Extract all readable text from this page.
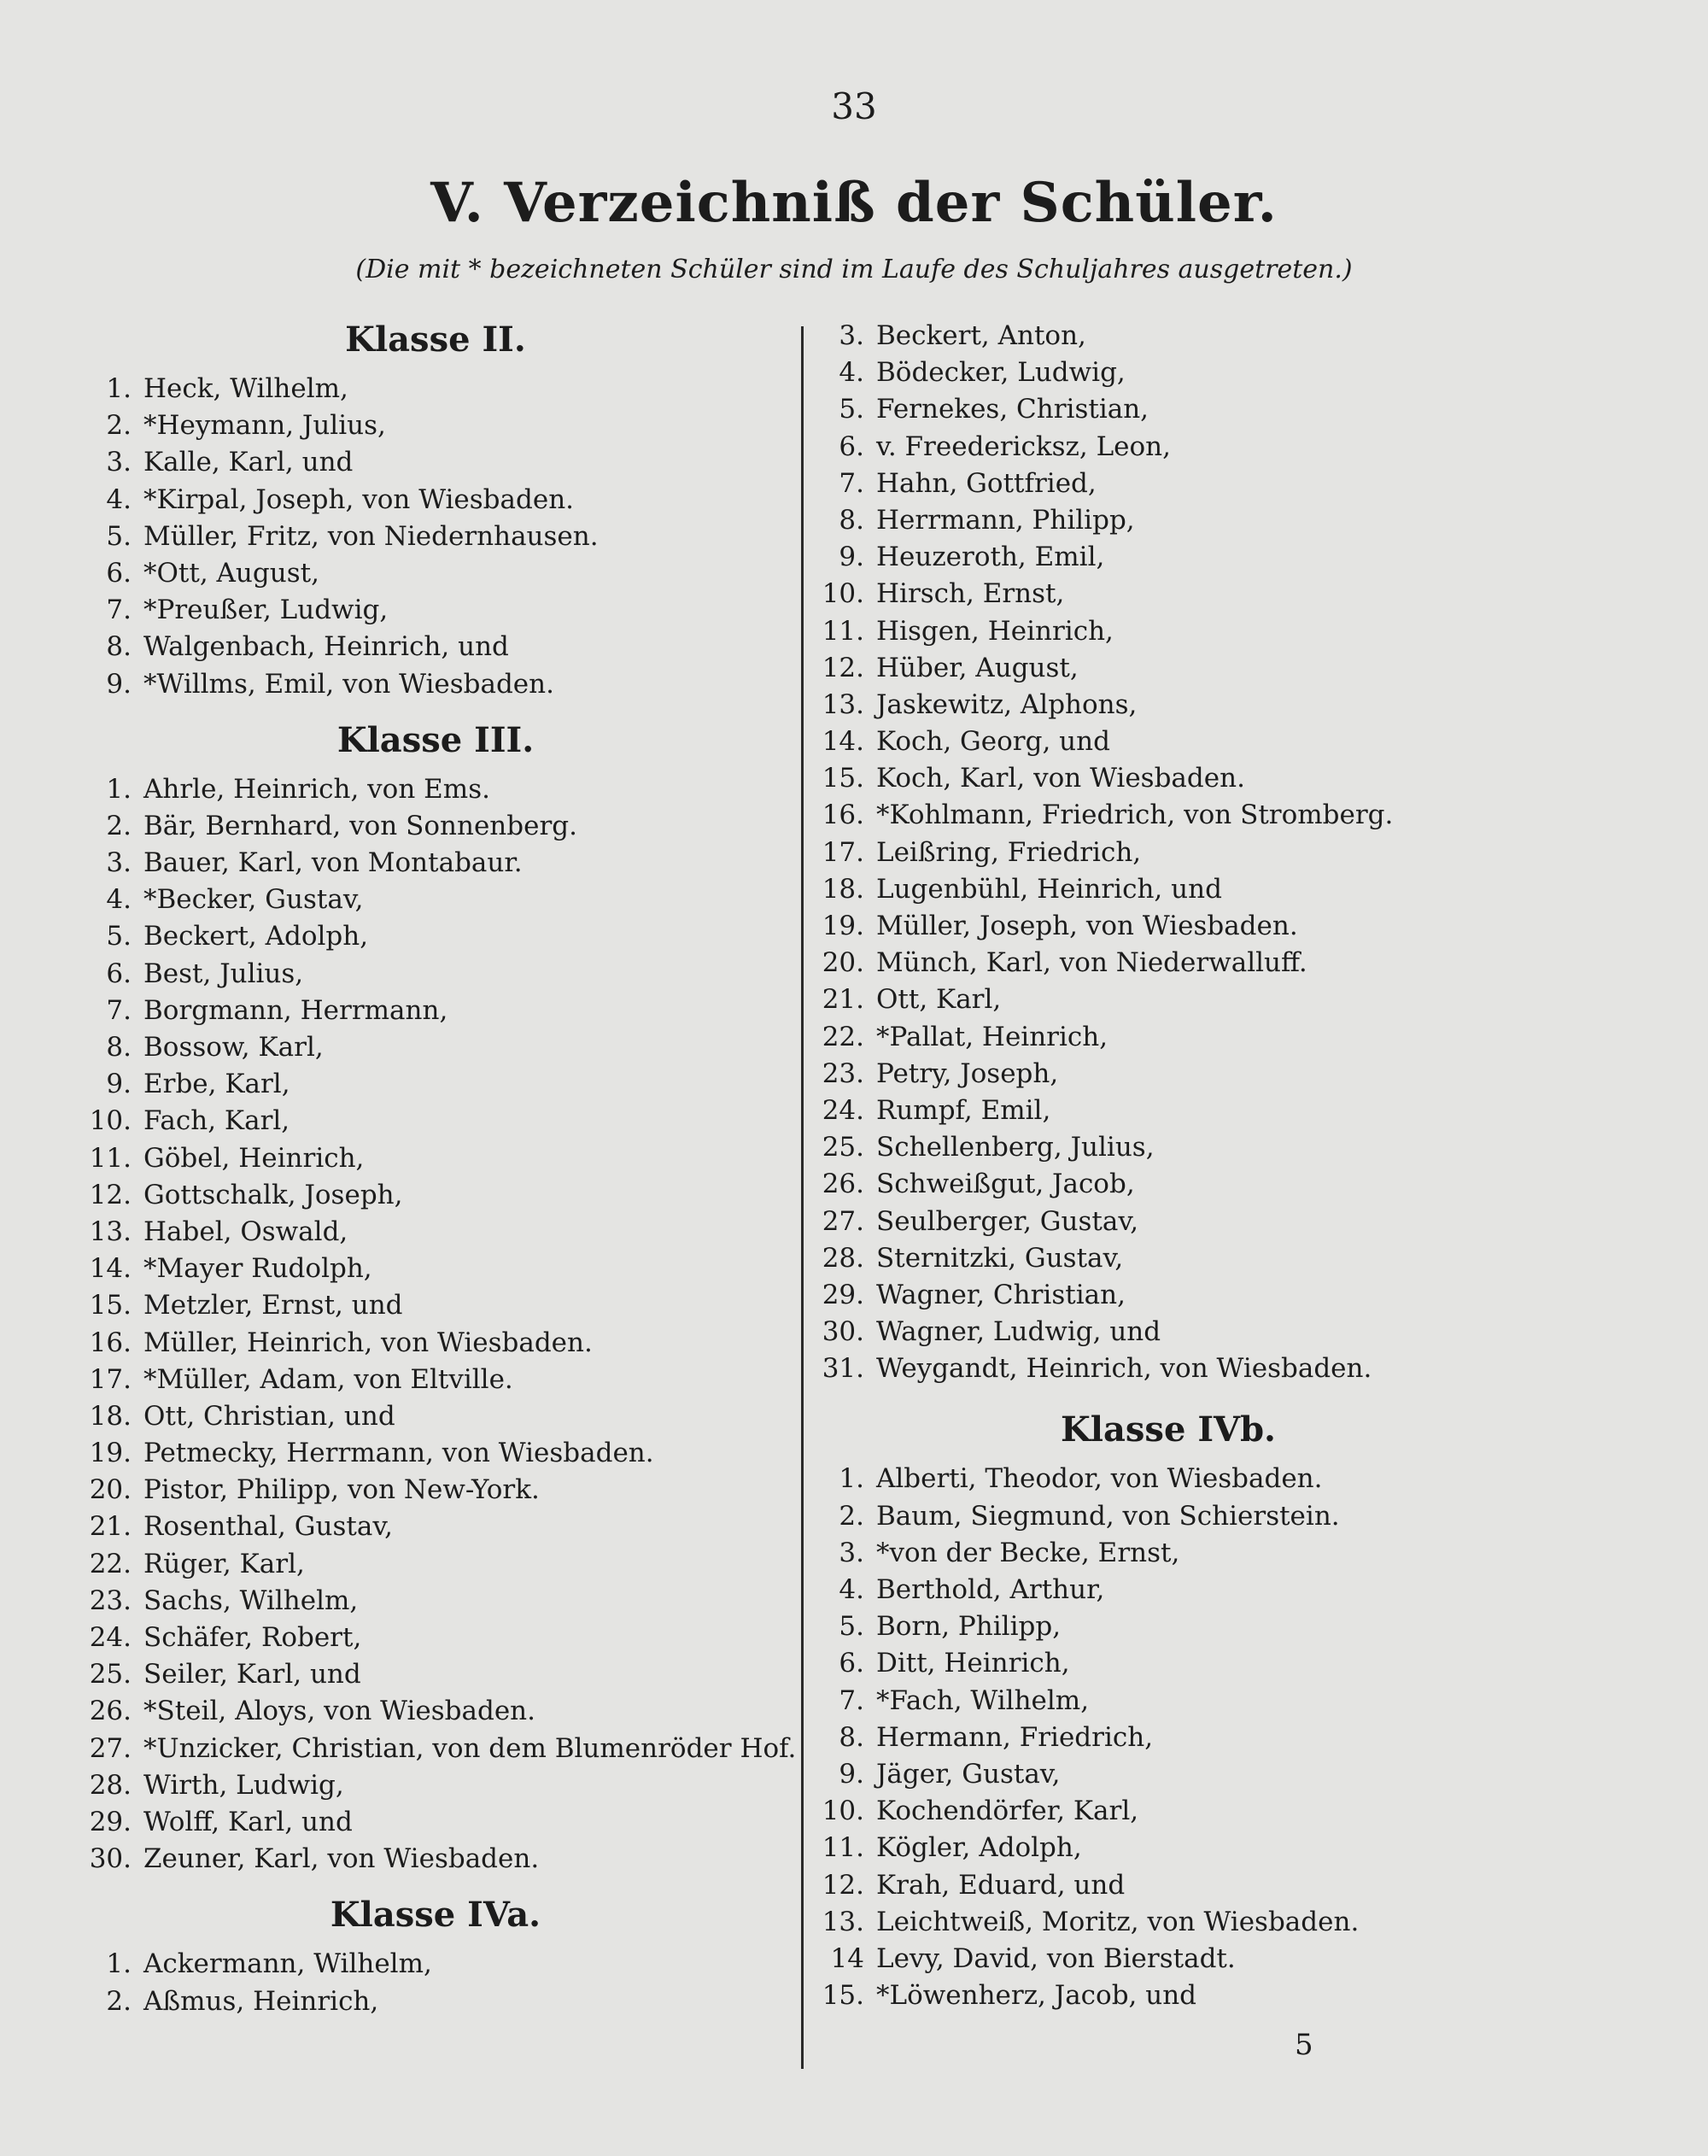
33
V. Verzeichniß der Schüler.
(Die mit * bezeichneten Schüler sind im Laufe des Schuljahres ausgetreten.)
Klasse II.
1. Heck, Wilhelm,
2. *Heymann, Julius,
3. Kalle, Karl, und
4. *Kirpal, Joseph, von Wiesbaden.
5. Müller, Fritz, von Niedernhausen.
6. *Ott, August,
7. *Preußer, Ludwig,
8. Walgenbach, Heinrich, und
9. *Willms, Emil, von Wiesbaden.
Klasse III.
1. Ahrle, Heinrich, von Ems.
2. Bär, Bernhard, von Sonnenberg.
3. Bauer, Karl, von Montabaur.
4. *Becker, Gustav,
5. Beckert, Adolph,
6. Best, Julius,
7. Borgmann, Herrmann,
8. Bossow, Karl,
9. Erbe, Karl,
10. Fach, Karl,
11. Göbel, Heinrich,
12. Gottschalk, Joseph,
13. Habel, Oswald,
14. *Mayer Rudolph,
15. Metzler, Ernst, und
16. Müller, Heinrich, von Wiesbaden.
17. *Müller, Adam, von Eltville.
18. Ott, Christian, und
19. Petmecky, Herrmann, von Wiesbaden.
20. Pistor, Philipp, von New-York.
21. Rosenthal, Gustav,
22. Rüger, Karl,
23. Sachs, Wilhelm,
24. Schäfer, Robert,
25. Seiler, Karl, und
26. *Steil, Aloys, von Wiesbaden.
27. *Unzicker, Christian, von dem Blumenröder Hof.
28. Wirth, Ludwig,
29. Wolff, Karl, und
30. Zeuner, Karl, von Wiesbaden.
Klasse IVa.
1. Ackermann, Wilhelm,
2. Aßmus, Heinrich,
3. Beckert, Anton,
4. Bödecker, Ludwig,
5. Fernekes, Christian,
6. v. Freedericksz, Leon,
7. Hahn, Gottfried,
8. Herrmann, Philipp,
9. Heuzeroth, Emil,
10. Hirsch, Ernst,
11. Hisgen, Heinrich,
12. Hüber, August,
13. Jaskewitz, Alphons,
14. Koch, Georg, und
15. Koch, Karl, von Wiesbaden.
16. *Kohlmann, Friedrich, von Stromberg.
17. Leißring, Friedrich,
18. Lugenbühl, Heinrich, und
19. Müller, Joseph, von Wiesbaden.
20. Münch, Karl, von Niederwalluff.
21. Ott, Karl,
22. *Pallat, Heinrich,
23. Petry, Joseph,
24. Rumpf, Emil,
25. Schellenberg, Julius,
26. Schweißgut, Jacob,
27. Seulberger, Gustav,
28. Sternitzki, Gustav,
29. Wagner, Christian,
30. Wagner, Ludwig, und
31. Weygandt, Heinrich, von Wiesbaden.
Klasse IVb.
1. Alberti, Theodor, von Wiesbaden.
2. Baum, Siegmund, von Schierstein.
3. *von der Becke, Ernst,
4. Berthold, Arthur,
5. Born, Philipp,
6. Ditt, Heinrich,
7. *Fach, Wilhelm,
8. Hermann, Friedrich,
9. Jäger, Gustav,
10. Kochendörfer, Karl,
11. Kögler, Adolph,
12. Krah, Eduard, und
13. Leichtweiß, Moritz, von Wiesbaden.
14 Levy, David, von Bierstadt.
15. *Löwenherz, Jacob, und
5
